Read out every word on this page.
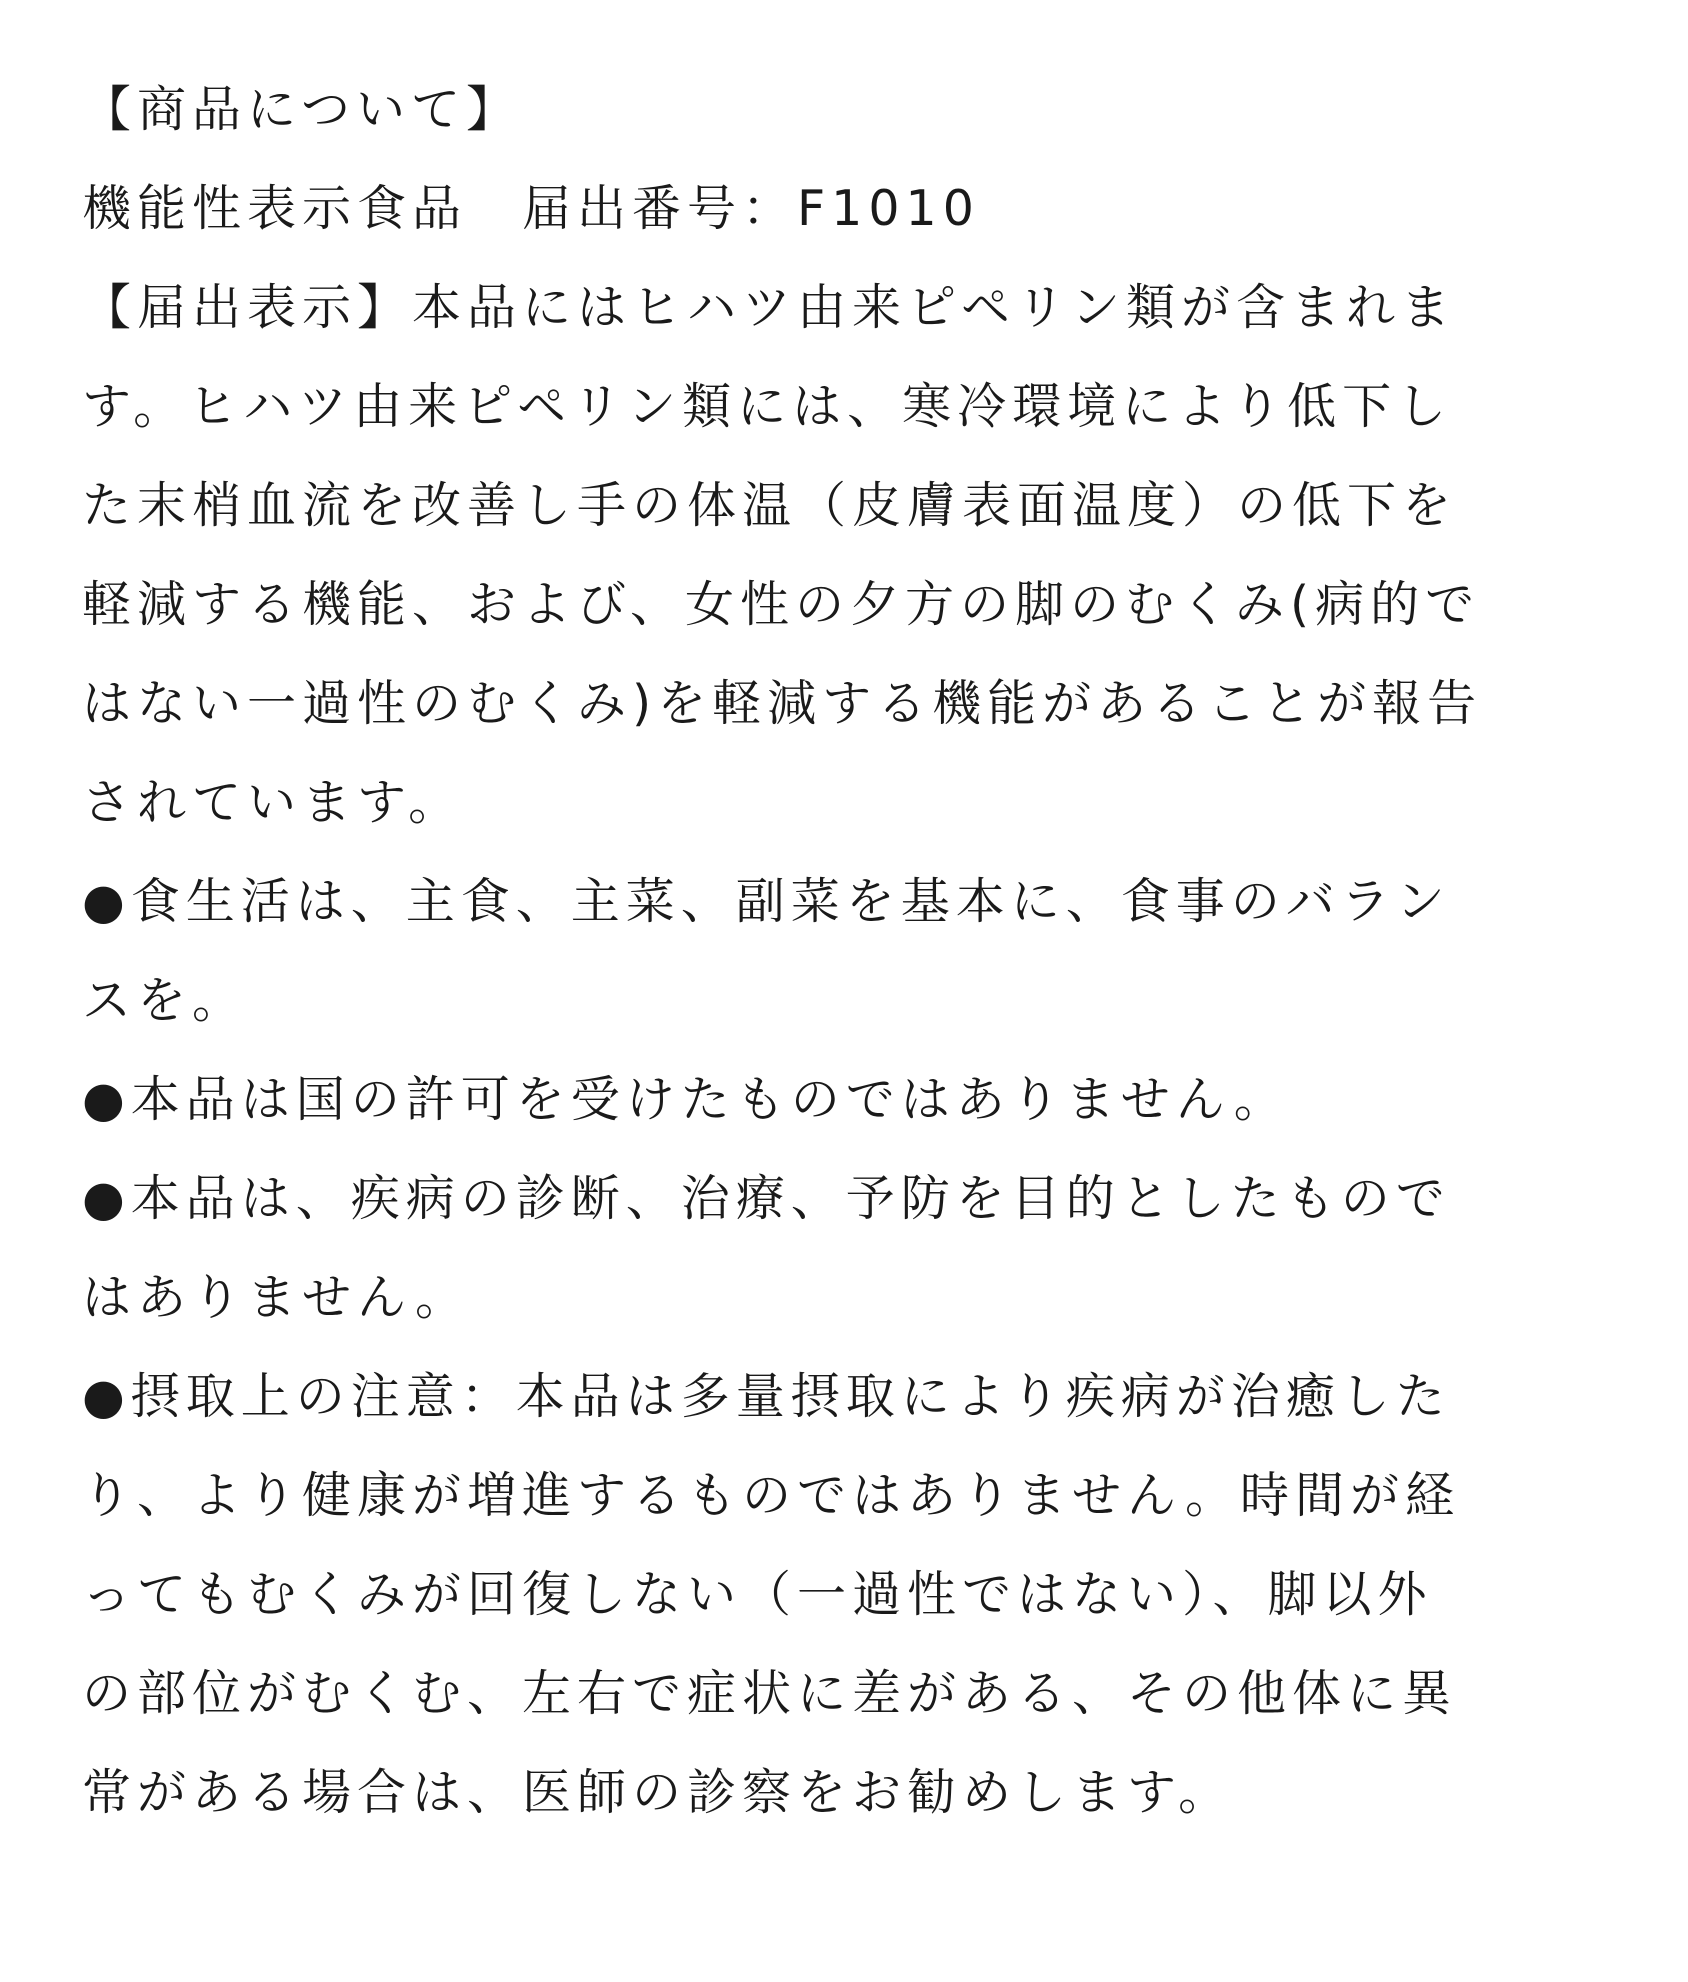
【商品について】
機能性表示食品　届出番号：F1010
【届出表示】本品にはヒハツ由来ピペリン類が含まれま
す。ヒハツ由来ピペリン類には、寒冷環境により低下し
た末梢血流を改善し手の体温（皮膚表面温度）の低下を
軽減する機能、および、女性の夕方の脚のむくみ(病的で
はない一過性のむくみ)を軽減する機能があることが報告
されています。
●食生活は、主食、主菜、副菜を基本に、食事のバラン
スを。
●本品は国の許可を受けたものではありません。
●本品は、疾病の診断、治療、予防を目的としたもので
はありません。
●摂取上の注意：本品は多量摂取により疾病が治癒した
り、より健康が増進するものではありません。時間が経
ってもむくみが回復しない（一過性ではない）、脚以外
の部位がむくむ、左右で症状に差がある、その他体に異
常がある場合は、医師の診察をお勧めします。
